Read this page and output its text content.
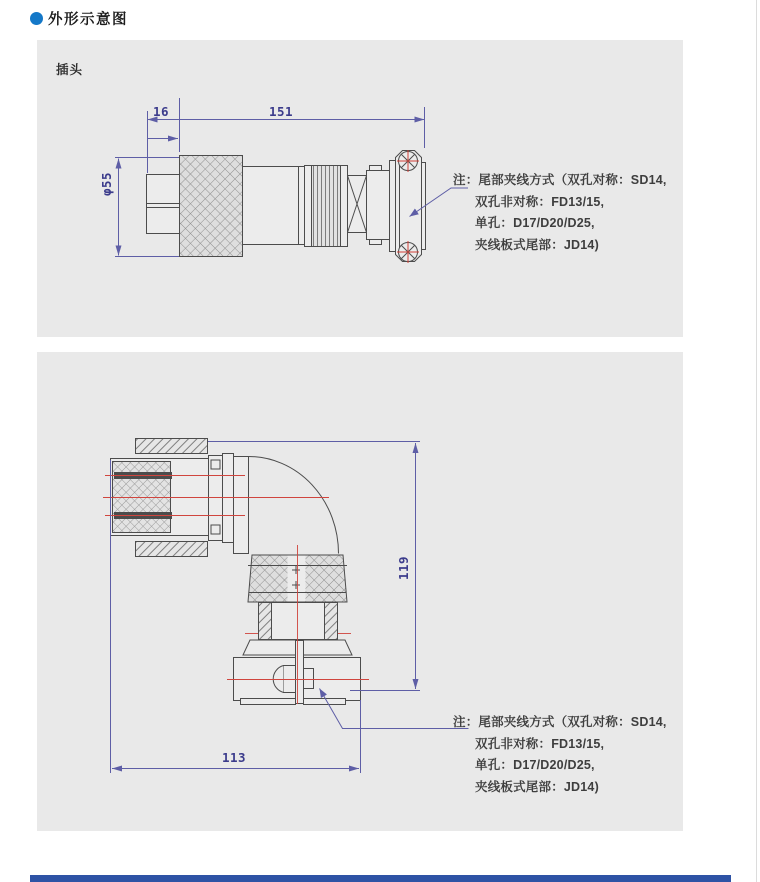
外形示意图
插头
16	151
φ55	注：尾部夹线方式（双孔对称：SD14,
双孔非对称：FD13/15,
单孔：D17/D20/D25,
夹线板式尾部：JD14)
119
113
注：尾部夹线方式（双孔对称：SD14,
双孔非对称：FD13/15,
单孔：D17/D20/D25,
夹线板式尾部：JD14)
